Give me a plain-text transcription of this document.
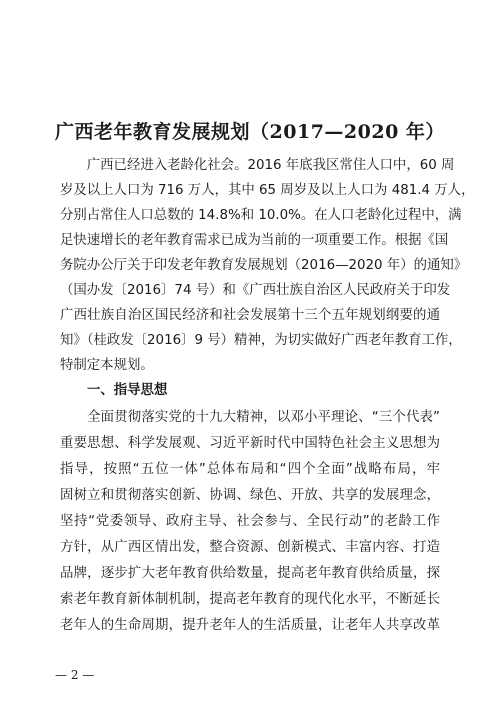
广西老年教育发展规划（2017—2020 年）
　　广西已经进入老龄化社会。2016 年底我区常住人口中，60 周
岁及以上人口为 716 万人，其中 65 周岁及以上人口为 481.4 万人，
分别占常住人口总数的 14.8%和 10.0%。在人口老龄化过程中，满
足快速增长的老年教育需求已成为当前的一项重要工作。根据《国
务院办公厅关于印发老年教育发展规划（2016—2020 年）的通知》
（国办发〔2016〕74 号）和《广西壮族自治区人民政府关于印发
广西壮族自治区国民经济和社会发展第十三个五年规划纲要的通
知》（桂政发〔2016〕9 号）精神，为切实做好广西老年教育工作，
特制定本规划。
一、指导思想
　　全面贯彻落实党的十九大精神，以邓小平理论、“三个代表”
重要思想、科学发展观、习近平新时代中国特色社会主义思想为
指导，按照“五位一体”总体布局和“四个全面”战略布局，牢
固树立和贯彻落实创新、协调、绿色、开放、共享的发展理念，
坚持“党委领导、政府主导、社会参与、全民行动”的老龄工作
方针，从广西区情出发，整合资源、创新模式、丰富内容、打造
品牌，逐步扩大老年教育供给数量，提高老年教育供给质量，探
索老年教育新体制机制，提高老年教育的现代化水平，不断延长
老年人的生命周期，提升老年人的生活质量，让老年人共享改革
— 2 —
